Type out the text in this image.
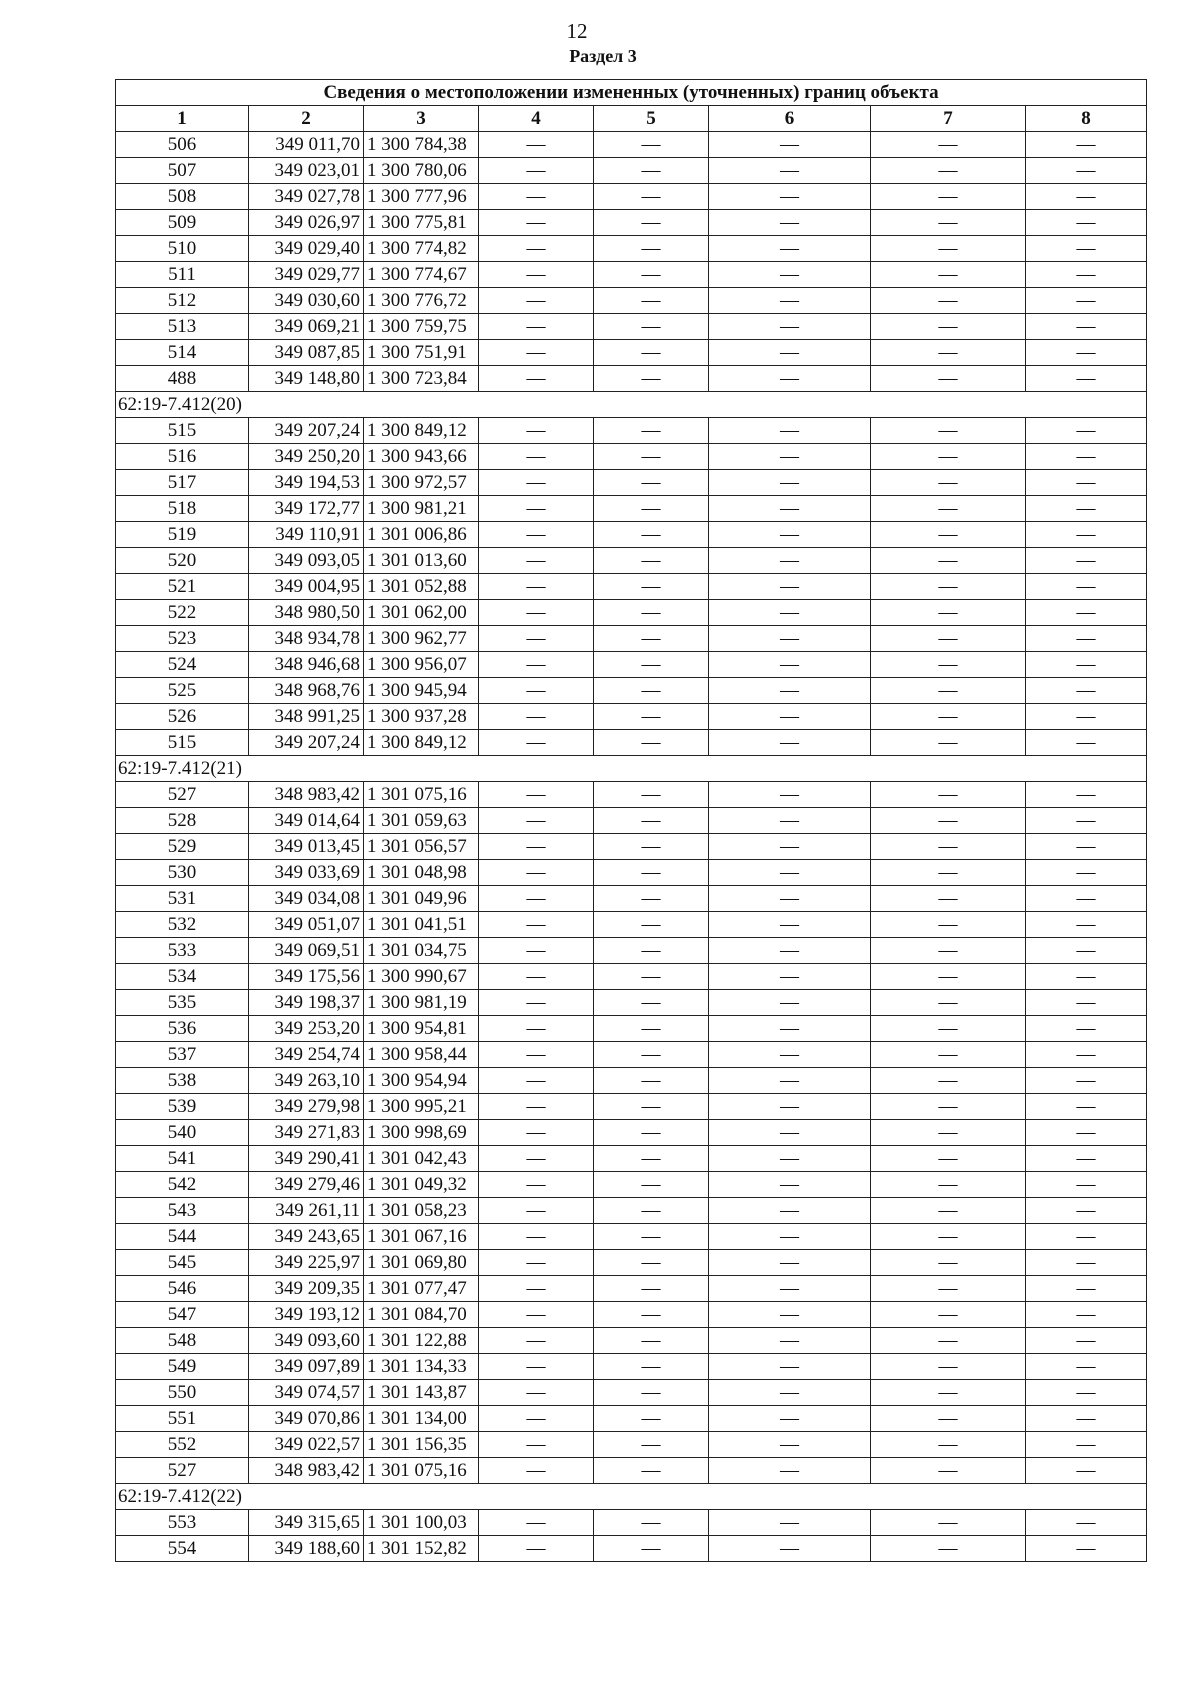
12
Раздел 3
Сведения о местоположении измененных (уточненных) границ объекта							
1	2	3	4	5	6	7	8
506	349 011,70	1 300 784,38	—	—	—	—	—
507	349 023,01	1 300 780,06	—	—	—	—	—
508	349 027,78	1 300 777,96	—	—	—	—	—
509	349 026,97	1 300 775,81	—	—	—	—	—
510	349 029,40	1 300 774,82	—	—	—	—	—
511	349 029,77	1 300 774,67	—	—	—	—	—
512	349 030,60	1 300 776,72	—	—	—	—	—
513	349 069,21	1 300 759,75	—	—	—	—	—
514	349 087,85	1 300 751,91	—	—	—	—	—
488	349 148,80	1 300 723,84	—	—	—	—	—
62:19-7.412(20)							
515	349 207,24	1 300 849,12	—	—	—	—	—
516	349 250,20	1 300 943,66	—	—	—	—	—
517	349 194,53	1 300 972,57	—	—	—	—	—
518	349 172,77	1 300 981,21	—	—	—	—	—
519	349 110,91	1 301 006,86	—	—	—	—	—
520	349 093,05	1 301 013,60	—	—	—	—	—
521	349 004,95	1 301 052,88	—	—	—	—	—
522	348 980,50	1 301 062,00	—	—	—	—	—
523	348 934,78	1 300 962,77	—	—	—	—	—
524	348 946,68	1 300 956,07	—	—	—	—	—
525	348 968,76	1 300 945,94	—	—	—	—	—
526	348 991,25	1 300 937,28	—	—	—	—	—
515	349 207,24	1 300 849,12	—	—	—	—	—
62:19-7.412(21)							
527	348 983,42	1 301 075,16	—	—	—	—	—
528	349 014,64	1 301 059,63	—	—	—	—	—
529	349 013,45	1 301 056,57	—	—	—	—	—
530	349 033,69	1 301 048,98	—	—	—	—	—
531	349 034,08	1 301 049,96	—	—	—	—	—
532	349 051,07	1 301 041,51	—	—	—	—	—
533	349 069,51	1 301 034,75	—	—	—	—	—
534	349 175,56	1 300 990,67	—	—	—	—	—
535	349 198,37	1 300 981,19	—	—	—	—	—
536	349 253,20	1 300 954,81	—	—	—	—	—
537	349 254,74	1 300 958,44	—	—	—	—	—
538	349 263,10	1 300 954,94	—	—	—	—	—
539	349 279,98	1 300 995,21	—	—	—	—	—
540	349 271,83	1 300 998,69	—	—	—	—	—
541	349 290,41	1 301 042,43	—	—	—	—	—
542	349 279,46	1 301 049,32	—	—	—	—	—
543	349 261,11	1 301 058,23	—	—	—	—	—
544	349 243,65	1 301 067,16	—	—	—	—	—
545	349 225,97	1 301 069,80	—	—	—	—	—
546	349 209,35	1 301 077,47	—	—	—	—	—
547	349 193,12	1 301 084,70	—	—	—	—	—
548	349 093,60	1 301 122,88	—	—	—	—	—
549	349 097,89	1 301 134,33	—	—	—	—	—
550	349 074,57	1 301 143,87	—	—	—	—	—
551	349 070,86	1 301 134,00	—	—	—	—	—
552	349 022,57	1 301 156,35	—	—	—	—	—
527	348 983,42	1 301 075,16	—	—	—	—	—
62:19-7.412(22)							
553	349 315,65	1 301 100,03	—	—	—	—	—
554	349 188,60	1 301 152,82	—	—	—	—	—
